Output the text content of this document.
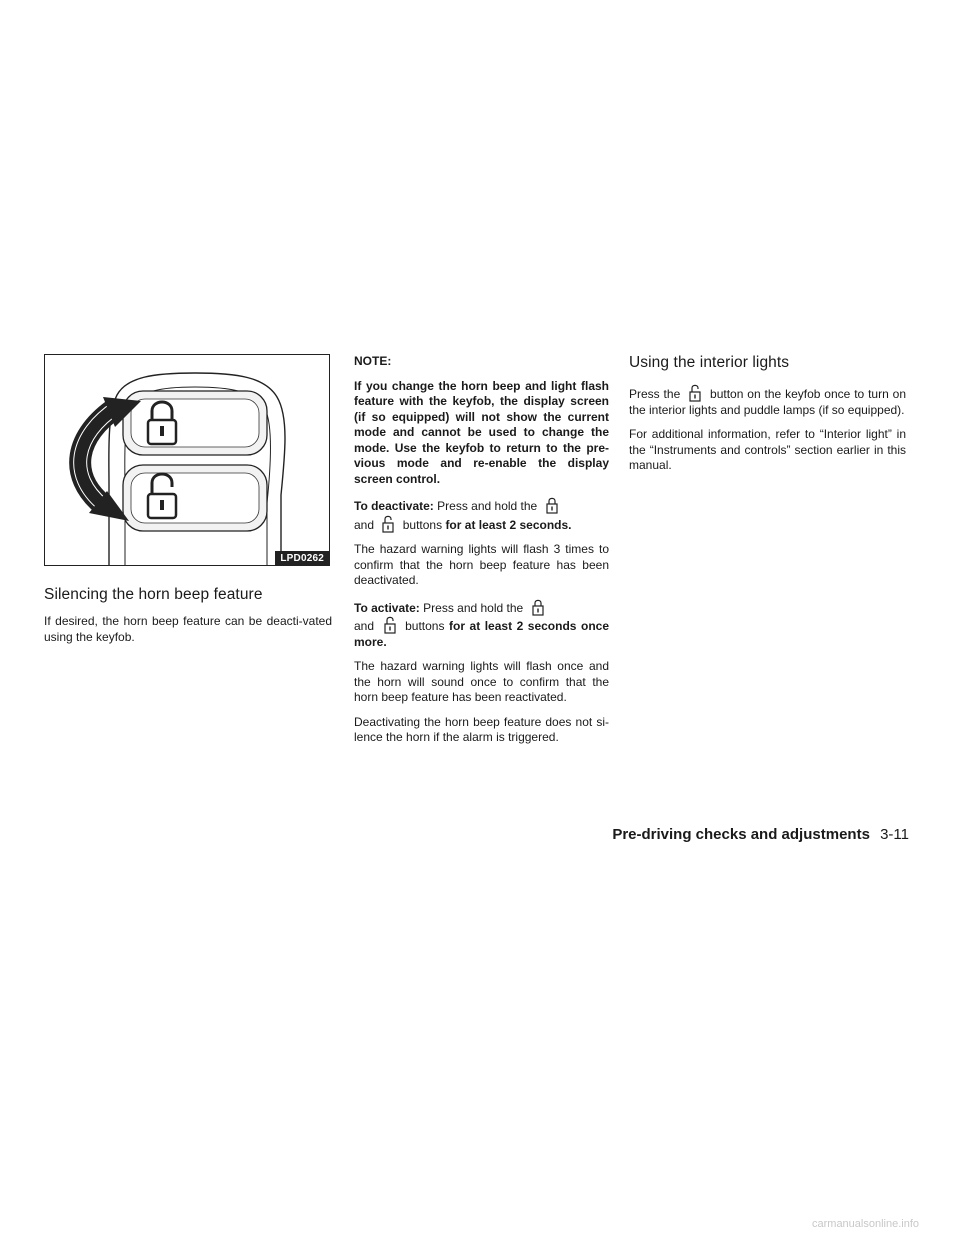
LPD0262
Silencing the horn beep feature

If desired, the horn beep feature can be deacti-vated using the keyfob.

NOTE:

If you change the horn beep and light flash feature with the keyfob, the display screen (if so equipped) will not show the current mode and cannot be used to change the mode. Use the keyfob to return to the pre-vious mode and re-enable the display screen control.

To deactivate: Press and hold the

and buttons for at least 2 seconds.

The hazard warning lights will flash 3 times to confirm that the horn beep feature has been deactivated.

To activate: Press and hold the

and	buttons for at least 2 seconds once more.

The hazard warning lights will flash once and the horn will sound once to confirm that the horn beep feature has been reactivated.

Deactivating the horn beep feature does not si-lence the horn if the alarm is triggered.

Using the interior lights

Press the button on the keyfob once to turn on the interior lights and puddle lamps (if so equipped).

For additional information, refer to “Interior light” in the “Instruments and controls” section earlier in this manual.

Pre-driving checks and adjustments 3-11
carmanualsonline.info
